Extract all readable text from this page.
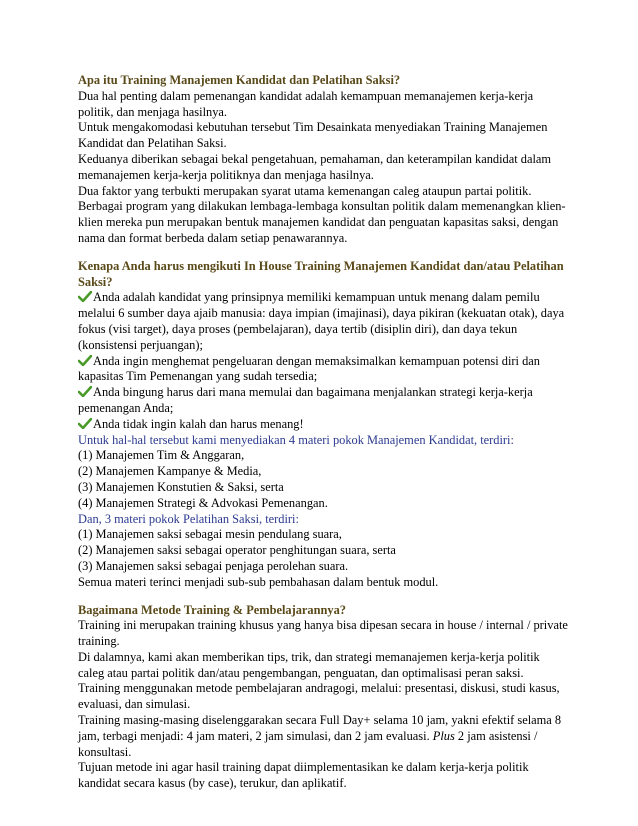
Apa itu Training Manajemen Kandidat dan Pelatihan Saksi?

Dua hal penting dalam pemenangan kandidat adalah kemampuan memanajemen kerja-kerja politik, dan menjaga hasilnya.

Untuk mengakomodasi kebutuhan tersebut Tim Desainkata menyediakan Training Manajemen Kandidat dan Pelatihan Saksi.

Keduanya diberikan sebagai bekal pengetahuan, pemahaman, dan keterampilan kandidat dalam memanajemen kerja-kerja politiknya dan menjaga hasilnya.

Dua faktor yang terbukti merupakan syarat utama kemenangan caleg ataupun partai politik.

Berbagai program yang dilakukan lembaga-lembaga konsultan politik dalam memenangkan klien-klien mereka pun merupakan bentuk manajemen kandidat dan penguatan kapasitas saksi, dengan nama dan format berbeda dalam setiap penawarannya.

Kenapa Anda harus mengikuti In House Training Manajemen Kandidat dan/atau Pelatihan Saksi?

Anda adalah kandidat yang prinsipnya memiliki kemampuan untuk menang dalam pemilu melalui 6 sumber daya ajaib manusia: daya impian (imajinasi), daya pikiran (kekuatan otak), daya fokus (visi target), daya proses (pembelajaran), daya tertib (disiplin diri), dan daya tekun (konsistensi perjuangan);

Anda ingin menghemat pengeluaran dengan memaksimalkan kemampuan potensi diri dan kapasitas Tim Pemenangan yang sudah tersedia;

Anda bingung harus dari mana memulai dan bagaimana menjalankan strategi kerja-kerja pemenangan Anda;

Anda tidak ingin kalah dan harus menang!

Untuk hal-hal tersebut kami menyediakan 4 materi pokok Manajemen Kandidat, terdiri:

(1) Manajemen Tim & Anggaran,

(2) Manajemen Kampanye & Media,

(3) Manajemen Konstutien & Saksi, serta

(4) Manajemen Strategi & Advokasi Pemenangan.

Dan, 3 materi pokok Pelatihan Saksi, terdiri:

(1) Manajemen saksi sebagai mesin pendulang suara,

(2) Manajemen saksi sebagai operator penghitungan suara, serta

(3) Manajemen saksi sebagai penjaga perolehan suara.

Semua materi terinci menjadi sub-sub pembahasan dalam bentuk modul.

Bagaimana Metode Training & Pembelajarannya?

Training ini merupakan training khusus yang hanya bisa dipesan secara in house / internal / private training.

Di dalamnya, kami akan memberikan tips, trik, dan strategi memanajemen kerja-kerja politik caleg atau partai politik dan/atau pengembangan, penguatan, dan optimalisasi peran saksi.

Training menggunakan metode pembelajaran andragogi, melalui: presentasi, diskusi, studi kasus, evaluasi, dan simulasi.

Training masing-masing diselenggarakan secara Full Day+ selama 10 jam, yakni efektif selama 8 jam, terbagi menjadi: 4 jam materi, 2 jam simulasi, dan 2 jam evaluasi. Plus 2 jam asistensi / konsultasi.

Tujuan metode ini agar hasil training dapat diimplementasikan ke dalam kerja-kerja politik kandidat secara kasus (by case), terukur, dan aplikatif.
